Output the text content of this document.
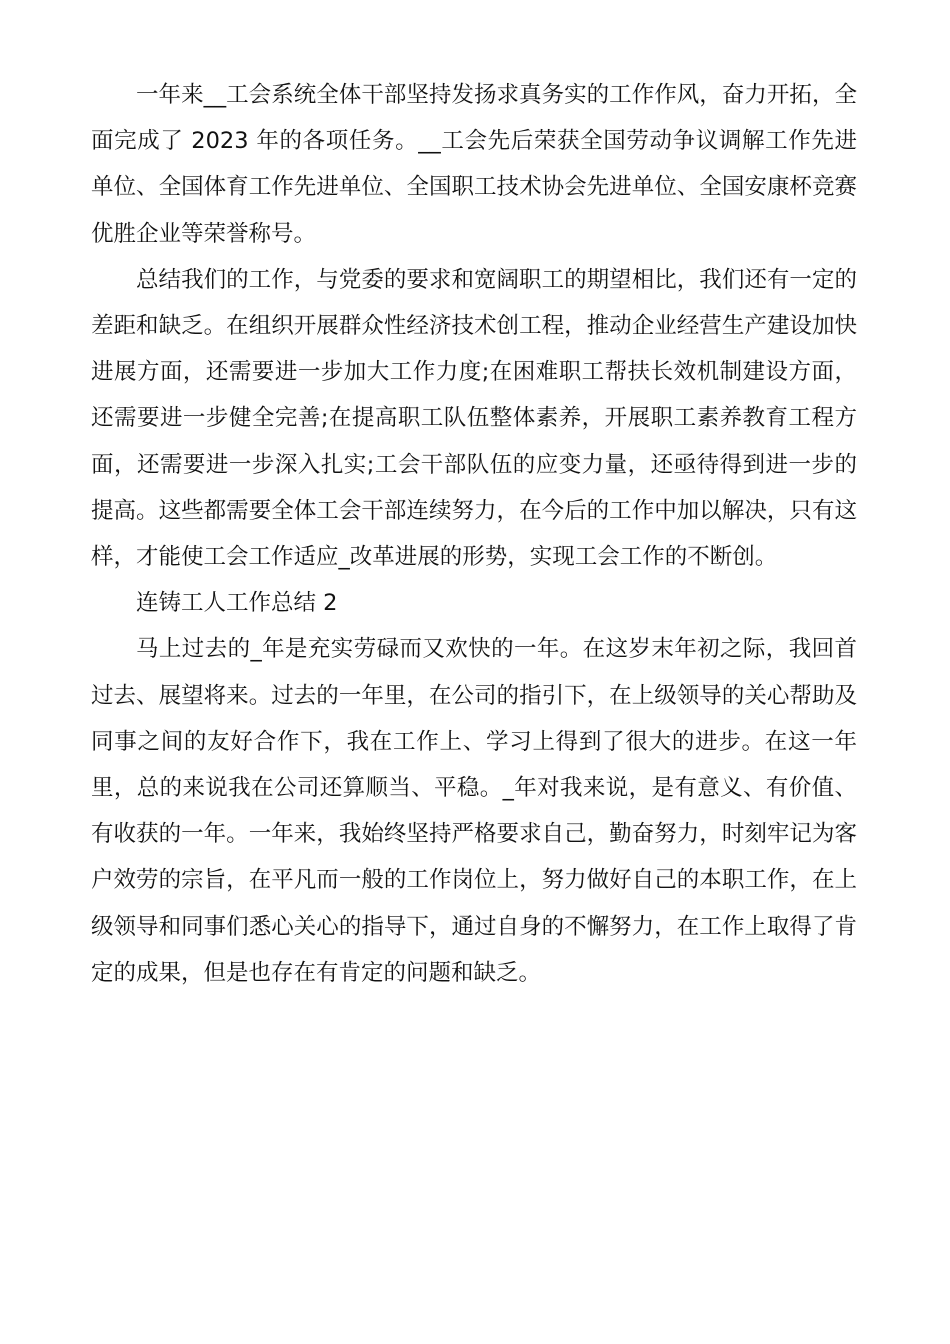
一年来__工会系统全体干部坚持发扬求真务实的工作作风，奋力开拓，全面完成了 2023 年的各项任务。__工会先后荣获全国劳动争议调解工作先进单位、全国体育工作先进单位、全国职工技术协会先进单位、全国安康杯竞赛优胜企业等荣誉称号。

总结我们的工作，与党委的要求和宽阔职工的期望相比，我们还有一定的差距和缺乏。在组织开展群众性经济技术创工程，推动企业经营生产建设加快进展方面，还需要进一步加大工作力度;在困难职工帮扶长效机制建设方面，还需要进一步健全完善;在提高职工队伍整体素养，开展职工素养教育工程方面，还需要进一步深入扎实;工会干部队伍的应变力量，还亟待得到进一步的提高。这些都需要全体工会干部连续努力，在今后的工作中加以解决，只有这样，才能使工会工作适应_改革进展的形势，实现工会工作的不断创。

连铸工人工作总结 2

马上过去的_年是充实劳碌而又欢快的一年。在这岁末年初之际，我回首过去、展望将来。过去的一年里，在公司的指引下，在上级领导的关心帮助及同事之间的友好合作下，我在工作上、学习上得到了很大的进步。在这一年里，总的来说我在公司还算顺当、平稳。_年对我来说，是有意义、有价值、有收获的一年。一年来，我始终坚持严格要求自己，勤奋努力，时刻牢记为客户效劳的宗旨，在平凡而一般的工作岗位上，努力做好自己的本职工作，在上级领导和同事们悉心关心的指导下，通过自身的不懈努力，在工作上取得了肯定的成果，但是也存在有肯定的问题和缺乏。
